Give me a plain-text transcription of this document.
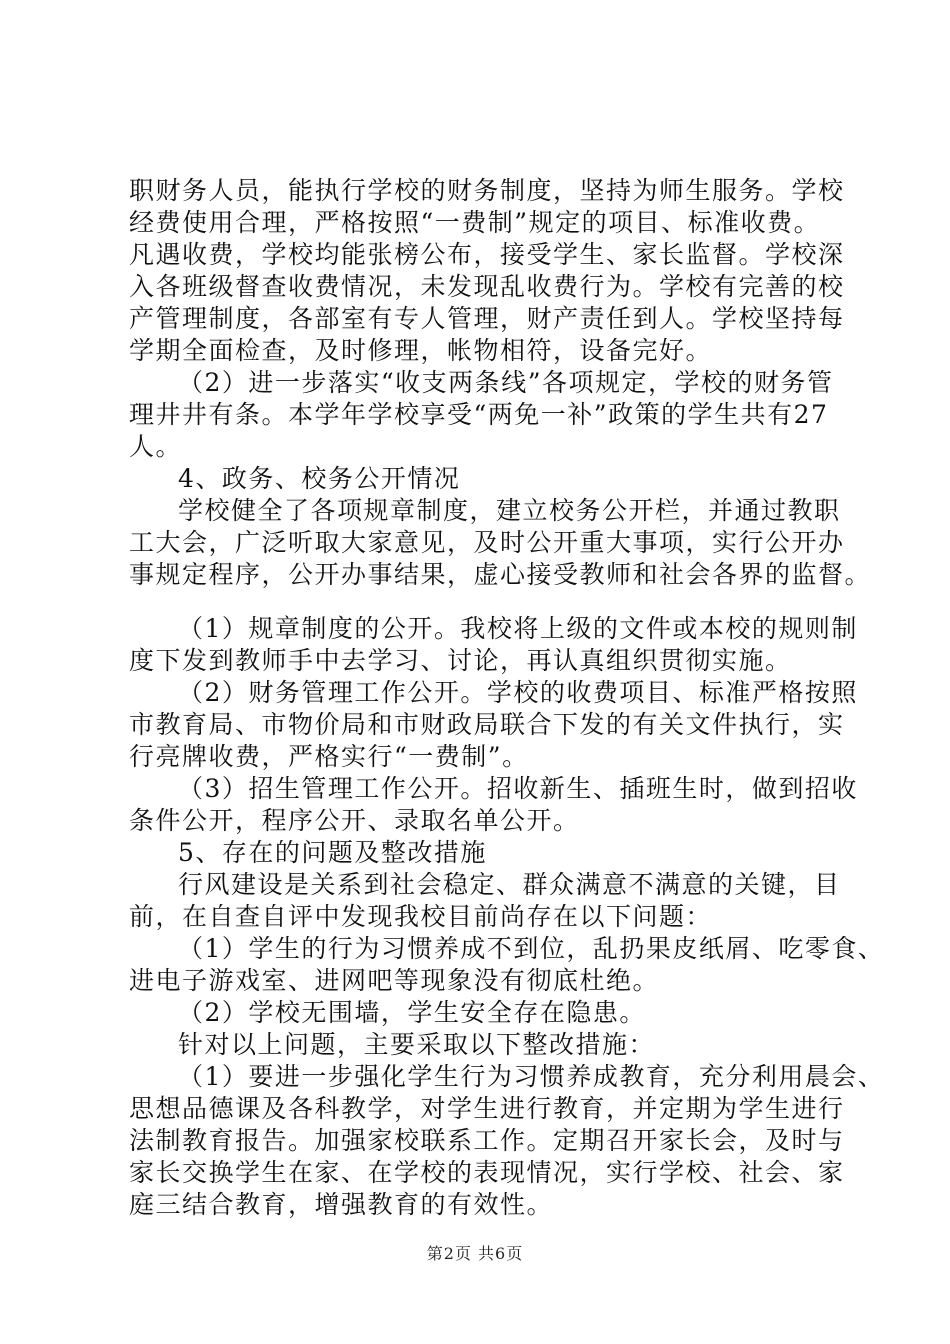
职财务人员，能执行学校的财务制度，坚持为师生服务。学校
经费使用合理，严格按照“一费制”规定的项目、标准收费。
凡遇收费，学校均能张榜公布，接受学生、家长监督。学校深
入各班级督查收费情况，未发现乱收费行为。学校有完善的校
产管理制度，各部室有专人管理，财产责任到人。学校坚持每
学期全面检查，及时修理，帐物相符，设备完好。
（2）进一步落实“收支两条线”各项规定，学校的财务管
理井井有条。本学年学校享受“两免一补”政策的学生共有27
人。
4、政务、校务公开情况
学校健全了各项规章制度，建立校务公开栏，并通过教职
工大会，广泛听取大家意见，及时公开重大事项，实行公开办
事规定程序，公开办事结果，虚心接受教师和社会各界的监督。
（1）规章制度的公开。我校将上级的文件或本校的规则制
度下发到教师手中去学习、讨论，再认真组织贯彻实施。
（2）财务管理工作公开。学校的收费项目、标准严格按照
市教育局、市物价局和市财政局联合下发的有关文件执行，实
行亮牌收费，严格实行“一费制”。
（3）招生管理工作公开。招收新生、插班生时，做到招收
条件公开，程序公开、录取名单公开。
5、存在的问题及整改措施
行风建设是关系到社会稳定、群众满意不满意的关键，目
前，在自查自评中发现我校目前尚存在以下问题：
（1）学生的行为习惯养成不到位，乱扔果皮纸屑、吃零食、
进电子游戏室、进网吧等现象没有彻底杜绝。
（2）学校无围墙，学生安全存在隐患。
针对以上问题，主要采取以下整改措施：
（1）要进一步强化学生行为习惯养成教育，充分利用晨会、
思想品德课及各科教学，对学生进行教育，并定期为学生进行
法制教育报告。加强家校联系工作。定期召开家长会，及时与
家长交换学生在家、在学校的表现情况，实行学校、社会、家
庭三结合教育，增强教育的有效性。
第2页 共6页
